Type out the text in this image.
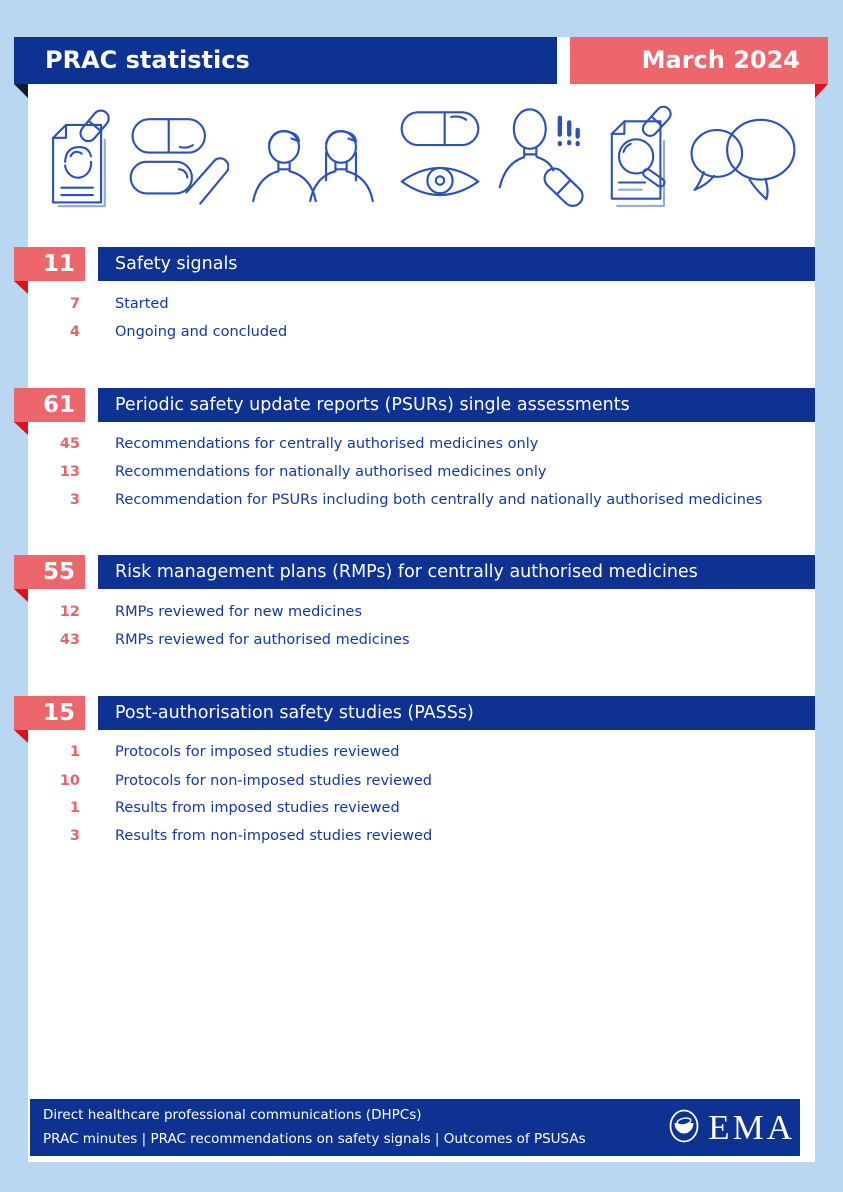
PRAC statistics	March 2024
11	Safety signals
7 Started
4 Ongoing and concluded
61	Periodic safety update reports (PSURs) single assessments
45 Recommendations for centrally authorised medicines only
13 Recommendations for nationally authorised medicines only
3 Recommendation for PSURs including both centrally and nationally authorised medicines
55	Risk management plans (RMPs) for centrally authorised medicines
12 RMPs reviewed for new medicines
43 RMPs reviewed for authorised medicines
15	Post-authorisation safety studies (PASSs)
1 Protocols for imposed studies reviewed
10 Protocols for non-imposed studies reviewed
1 Results from imposed studies reviewed
3 Results from non-imposed studies reviewed
Direct healthcare professional communications (DHPCs)
PRAC minutes | PRAC recommendations on safety signals | Outcomes of PSUSAs	EMA
